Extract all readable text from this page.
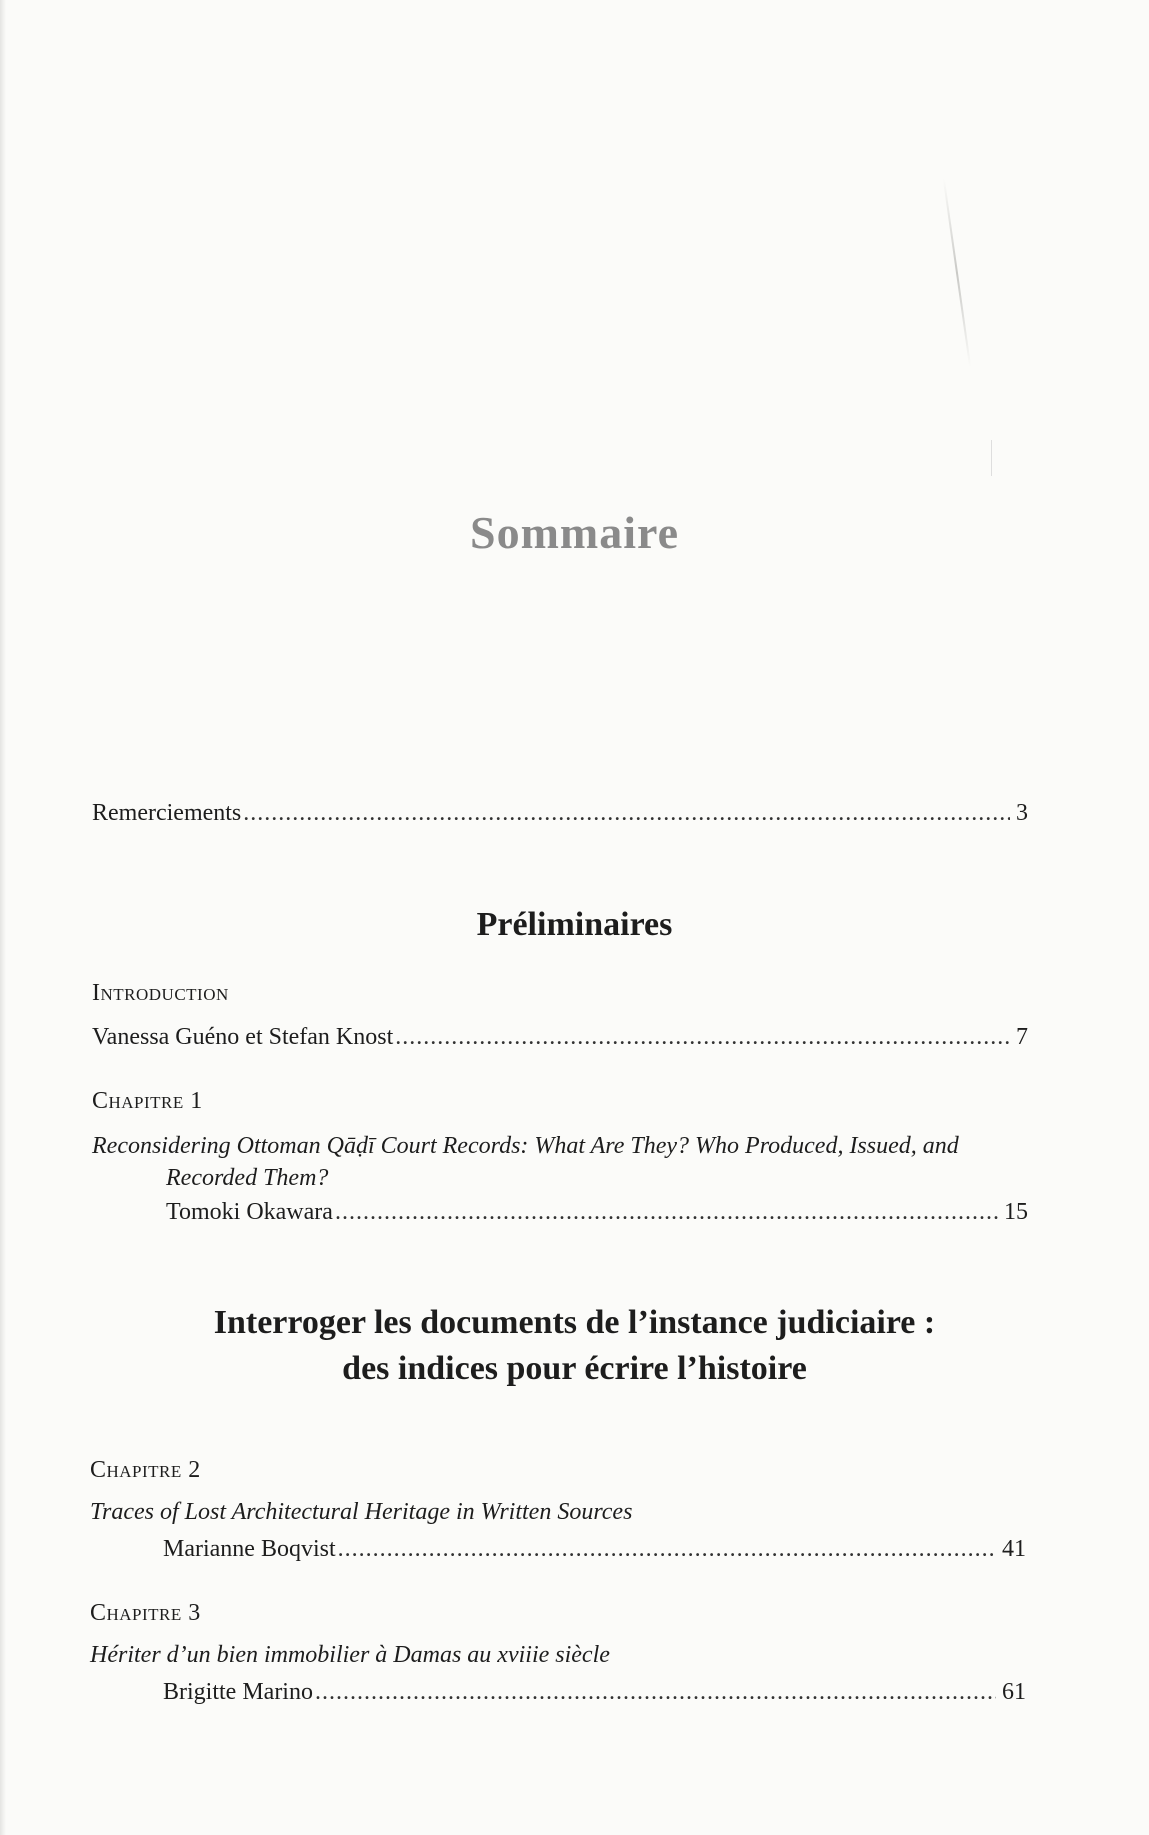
Sommaire
Remerciements .....	3
Préliminaires
Introduction
Vanessa Guéno et Stefan Knost .....	7
Chapitre 1
Reconsidering Ottoman Qāḍī Court Records: What Are They? Who Produced, Issued, and
Recorded Them?
Tomoki Okawara .....	15
Interroger les documents de l’instance judiciaire :
des indices pour écrire l’histoire
Chapitre 2
Traces of Lost Architectural Heritage in Written Sources
Marianne Boqvist .....	41
Chapitre 3
Hériter d’un bien immobilier à Damas au xviiie siècle
Brigitte Marino .....	61
